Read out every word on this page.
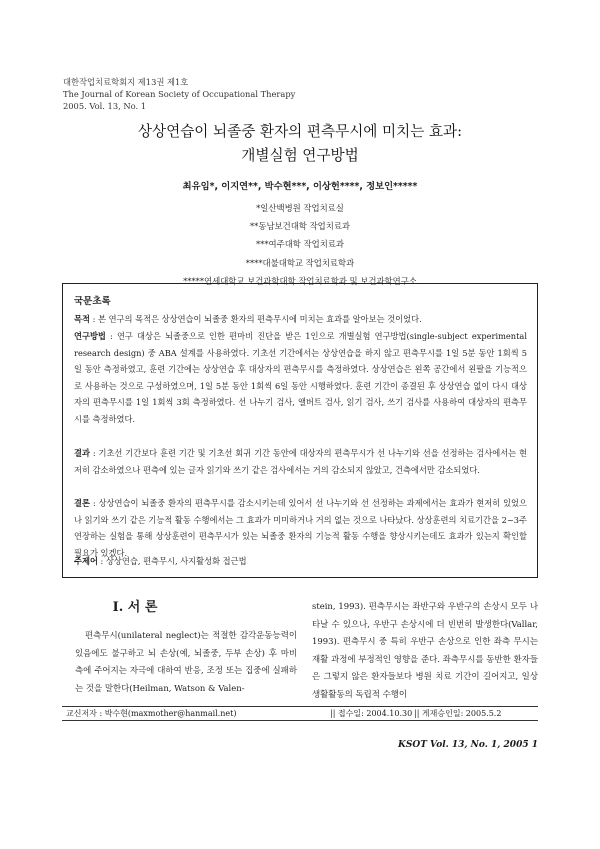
대한작업치료학회지 제13권 제1호
The Journal of Korean Society of Occupational Therapy
2005. Vol. 13, No. 1
상상연습이 뇌졸중 환자의 편측무시에 미치는 효과:
개별실험 연구방법
최유임*, 이지연**, 박수현***, 이상헌****, 정보인*****
*일산백병원 작업치료실
**동남보건대학 작업치료과
***여주대학 작업치료과
****대불대학교 작업치료학과
*****연세대학교 보건과학대학 작업치료학과 및 보건과학연구소
국문초록
목적 : 본 연구의 목적은 상상연습이 뇌졸중 환자의 편측무시에 미치는 효과를 알아보는 것이었다.
연구방법 : 연구 대상은 뇌졸중으로 인한 편마비 진단을 받은 1인으로 개별실험 연구방법(single-subject experimental research design) 중 ABA 설계를 사용하였다. 기초선 기간에서는 상상연습을 하지 않고 편측무시를 1일 5분 동안 1회씩 5일 동안 측정하였고, 훈련 기간에는 상상연습 후 대상자의 편측무시를 측정하였다. 상상연습은 왼쪽 공간에서 왼팔을 기능적으로 사용하는 것으로 구성하였으며, 1일 5분 동안 1회씩 6일 동안 시행하였다. 훈련 기간이 종결된 후 상상연습 없이 다시 대상자의 편측무시를 1일 1회씩 3회 측정하였다. 선 나누기 검사, 앨버트 검사, 읽기 검사, 쓰기 검사를 사용하여 대상자의 편측무시를 측정하였다.
결과 : 기초선 기간보다 훈련 기간 및 기초선 회귀 기간 동안에 대상자의 편측무시가 선 나누기와 선을 선정하는 검사에서는 현저히 감소하였으나 편측에 있는 글자 읽기와 쓰기 같은 검사에서는 거의 감소되지 않았고, 건측에서만 감소되었다.
결론 : 상상연습이 뇌졸중 환자의 편측무시를 감소시키는데 있어서 선 나누기와 선 선정하는 과제에서는 효과가 현저히 있었으나 읽기와 쓰기 같은 기능적 활동 수행에서는 그 효과가 미미하거나 거의 없는 것으로 나타났다. 상상훈련의 치료기간을 2~3주 연장하는 실험을 통해 상상훈련이 편측무시가 있는 뇌졸중 환자의 기능적 활동 수행을 향상시키는데도 효과가 있는지 확인할 필요가 있겠다.
주제어 : 상상연습, 편측무시, 사지활성화 접근법
I. 서 론
편측무시(unilateral neglect)는 적절한 감각운동능력이 있음에도 불구하고 뇌 손상(예, 뇌졸중, 두부 손상) 후 마비 측에 주어지는 자극에 대하여 반응, 조정 또는 집중에 실패하는 것을 말한다(Heilman, Watson & Valen-
stein, 1993). 편측무시는 좌반구와 우반구의 손상시 모두 나타날 수 있으나, 우반구 손상시에 더 빈번히 발생한다(Vallar, 1993). 편측무시 중 특히 우반구 손상으로 인한 좌측 무시는 재활 과정에 부정적인 영향을 준다. 좌측무시를 동반한 환자들은 그렇지 않은 환자들보다 병원 치료 기간이 길어지고, 일상생활활동의 독립적 수행이
교신저자 : 박수현(maxmother@hanmail.net)	|| 접수일: 2004.10.30 || 게재승인일: 2005.5.2
KSOT Vol. 13, No. 1, 2005 1
